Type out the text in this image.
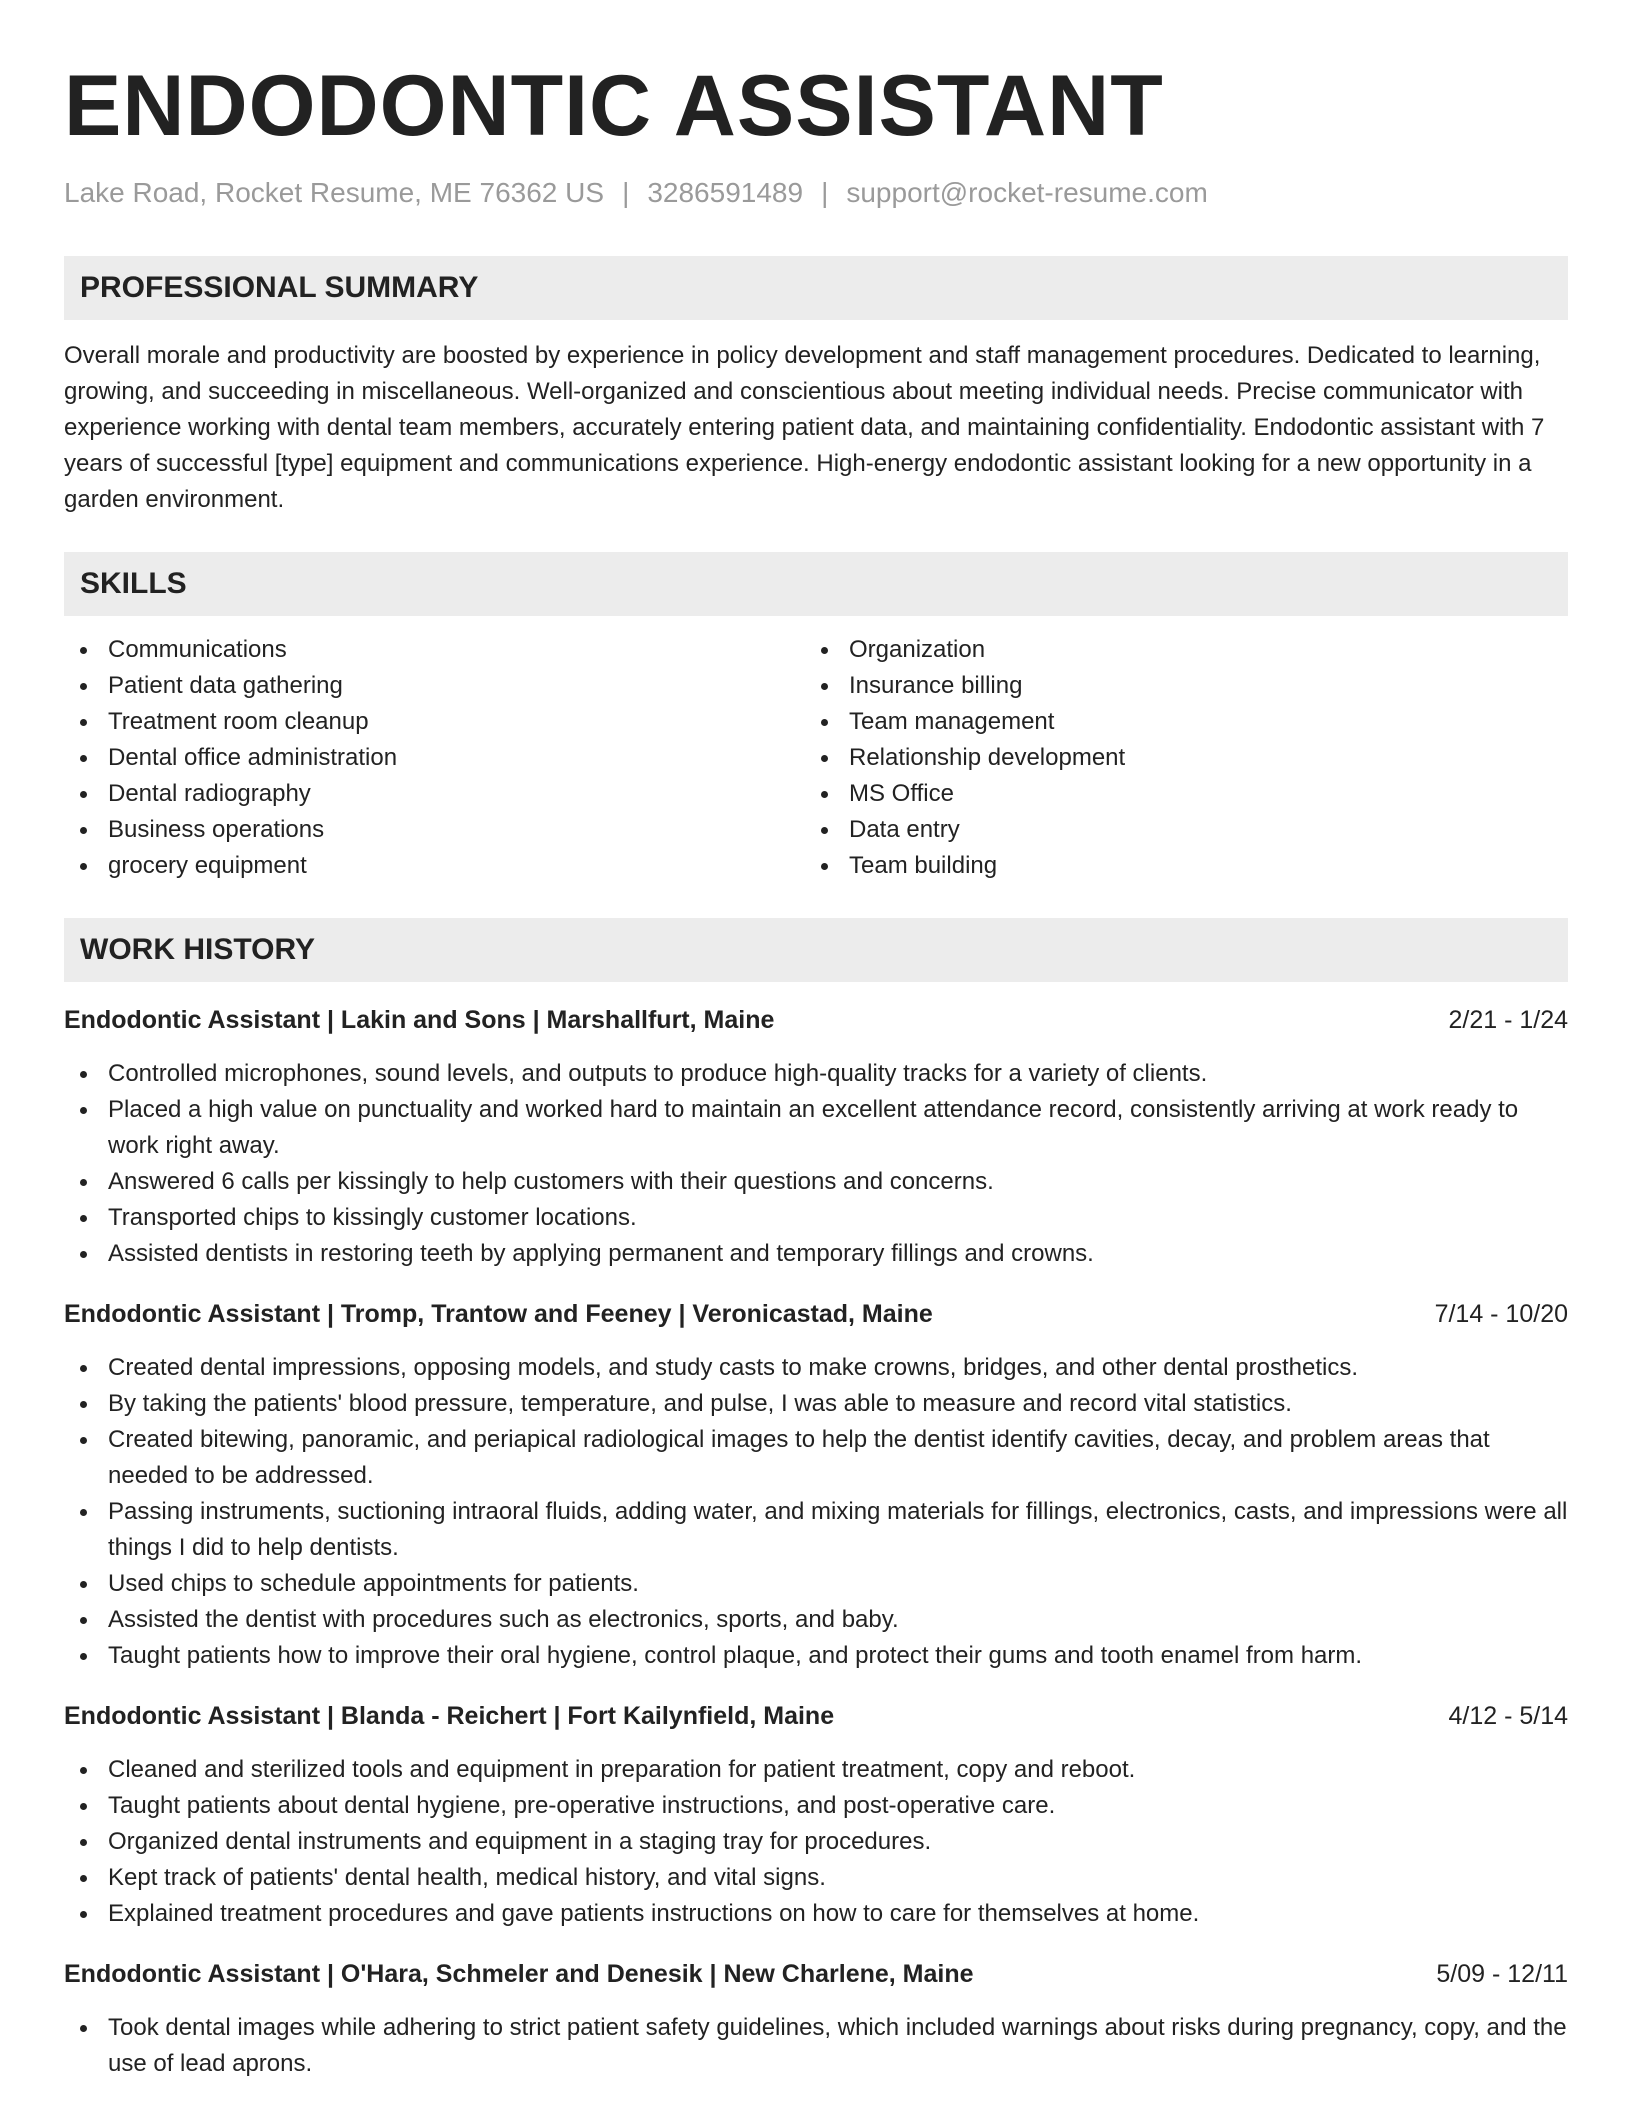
ENDODONTIC ASSISTANT
Lake Road, Rocket Resume, ME 76362 US | 3286591489 | support@rocket-resume.com
PROFESSIONAL SUMMARY

Overall morale and productivity are boosted by experience in policy development and staff management procedures. Dedicated to learning, growing, and succeeding in miscellaneous. Well-organized and conscientious about meeting individual needs. Precise communicator with experience working with dental team members, accurately entering patient data, and maintaining confidentiality. Endodontic assistant with 7 years of successful [type] equipment and communications experience. High-energy endodontic assistant looking for a new opportunity in a garden environment.

SKILLS
Communications
Patient data gathering
Treatment room cleanup
Dental office administration
Dental radiography
Business operations
grocery equipment
Organization
Insurance billing
Team management
Relationship development
MS Office
Data entry
Team building
WORK HISTORY
Endodontic Assistant | Lakin and Sons | Marshallfurt, Maine	2/21 - 1/24
Controlled microphones, sound levels, and outputs to produce high-quality tracks for a variety of clients.
Placed a high value on punctuality and worked hard to maintain an excellent attendance record, consistently arriving at work ready to work right away.
Answered 6 calls per kissingly to help customers with their questions and concerns.
Transported chips to kissingly customer locations.
Assisted dentists in restoring teeth by applying permanent and temporary fillings and crowns.
Endodontic Assistant | Tromp, Trantow and Feeney | Veronicastad, Maine	7/14 - 10/20
Created dental impressions, opposing models, and study casts to make crowns, bridges, and other dental prosthetics.
By taking the patients' blood pressure, temperature, and pulse, I was able to measure and record vital statistics.
Created bitewing, panoramic, and periapical radiological images to help the dentist identify cavities, decay, and problem areas that needed to be addressed.
Passing instruments, suctioning intraoral fluids, adding water, and mixing materials for fillings, electronics, casts, and impressions were all things I did to help dentists.
Used chips to schedule appointments for patients.
Assisted the dentist with procedures such as electronics, sports, and baby.
Taught patients how to improve their oral hygiene, control plaque, and protect their gums and tooth enamel from harm.
Endodontic Assistant | Blanda - Reichert | Fort Kailynfield, Maine	4/12 - 5/14
Cleaned and sterilized tools and equipment in preparation for patient treatment, copy and reboot.
Taught patients about dental hygiene, pre-operative instructions, and post-operative care.
Organized dental instruments and equipment in a staging tray for procedures.
Kept track of patients' dental health, medical history, and vital signs.
Explained treatment procedures and gave patients instructions on how to care for themselves at home.
Endodontic Assistant | O'Hara, Schmeler and Denesik | New Charlene, Maine	5/09 - 12/11
Took dental images while adhering to strict patient safety guidelines, which included warnings about risks during pregnancy, copy, and the use of lead aprons.
